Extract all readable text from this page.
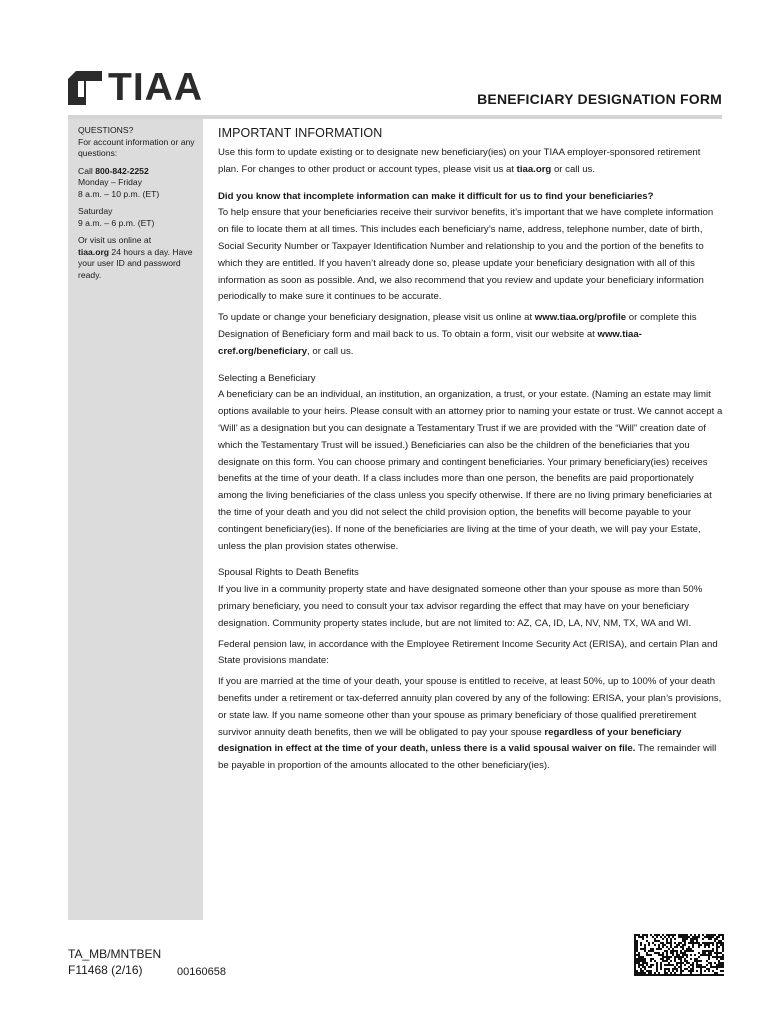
TIAA	BENEFICIARY DESIGNATION FORM

QUESTIONS?

For account information or any questions:

Call 800-842-2252
Monday – Friday
8 a.m. – 10 p.m. (ET)

Saturday
9 a.m. – 6 p.m. (ET)

Or visit us online at
tiaa.org 24 hours a day. Have your user ID and password ready.

IMPORTANT INFORMATION

Use this form to update existing or to designate new beneficiary(ies) on your TIAA employer-sponsored retirement plan. For changes to other product or account types, please visit us at tiaa.org or call us.

Did you know that incomplete information can make it difficult for us to find your beneficiaries?
To help ensure that your beneficiaries receive their survivor benefits, it’s important that we have complete information on file to locate them at all times. This includes each beneficiary’s name, address, telephone number, date of birth, Social Security Number or Taxpayer Identification Number and relationship to you and the portion of the benefits to which they are entitled. If you haven’t already done so, please update your beneficiary designation with all of this information as soon as possible. And, we also recommend that you review and update your beneficiary information periodically to make sure it continues to be accurate.

To update or change your beneficiary designation, please visit us online at www.tiaa.org/profile or complete this Designation of Beneficiary form and mail back to us. To obtain a form, visit our website at www.tiaa-cref.org/beneficiary, or call us.

Selecting a Beneficiary
A beneficiary can be an individual, an institution, an organization, a trust, or your estate. (Naming an estate may limit options available to your heirs. Please consult with an attorney prior to naming your estate or trust. We cannot accept a ‘Will’ as a designation but you can designate a Testamentary Trust if we are provided with the “Will” creation date of which the Testamentary Trust will be issued.) Beneficiaries can also be the children of the beneficiaries that you designate on this form. You can choose primary and contingent beneficiaries. Your primary beneficiary(ies) receives benefits at the time of your death. If a class includes more than one person, the benefits are paid proportionately among the living beneficiaries of the class unless you specify otherwise. If there are no living primary beneficiaries at the time of your death and you did not select the child provision option, the benefits will become payable to your contingent beneficiary(ies). If none of the beneficiaries are living at the time of your death, we will pay your Estate, unless the plan provision states otherwise.

Spousal Rights to Death Benefits
If you live in a community property state and have designated someone other than your spouse as more than 50% primary beneficiary, you need to consult your tax advisor regarding the effect that may have on your beneficiary designation. Community property states include, but are not limited to: AZ, CA, ID, LA, NV, NM, TX, WA and WI.

Federal pension law, in accordance with the Employee Retirement Income Security Act (ERISA), and certain Plan and State provisions mandate:

If you are married at the time of your death, your spouse is entitled to receive, at least 50%, up to 100% of your death benefits under a retirement or tax-deferred annuity plan covered by any of the following: ERISA, your plan’s provisions, or state law. If you name someone other than your spouse as primary beneficiary of those qualified preretirement survivor annuity death benefits, then we will be obligated to pay your spouse regardless of your beneficiary designation in effect at the time of your death, unless there is a valid spousal waiver on file. The remainder will be payable in proportion of the amounts allocated to the other beneficiary(ies).

TA_MB/MNTBEN
F11468 (2/16)	00160658
